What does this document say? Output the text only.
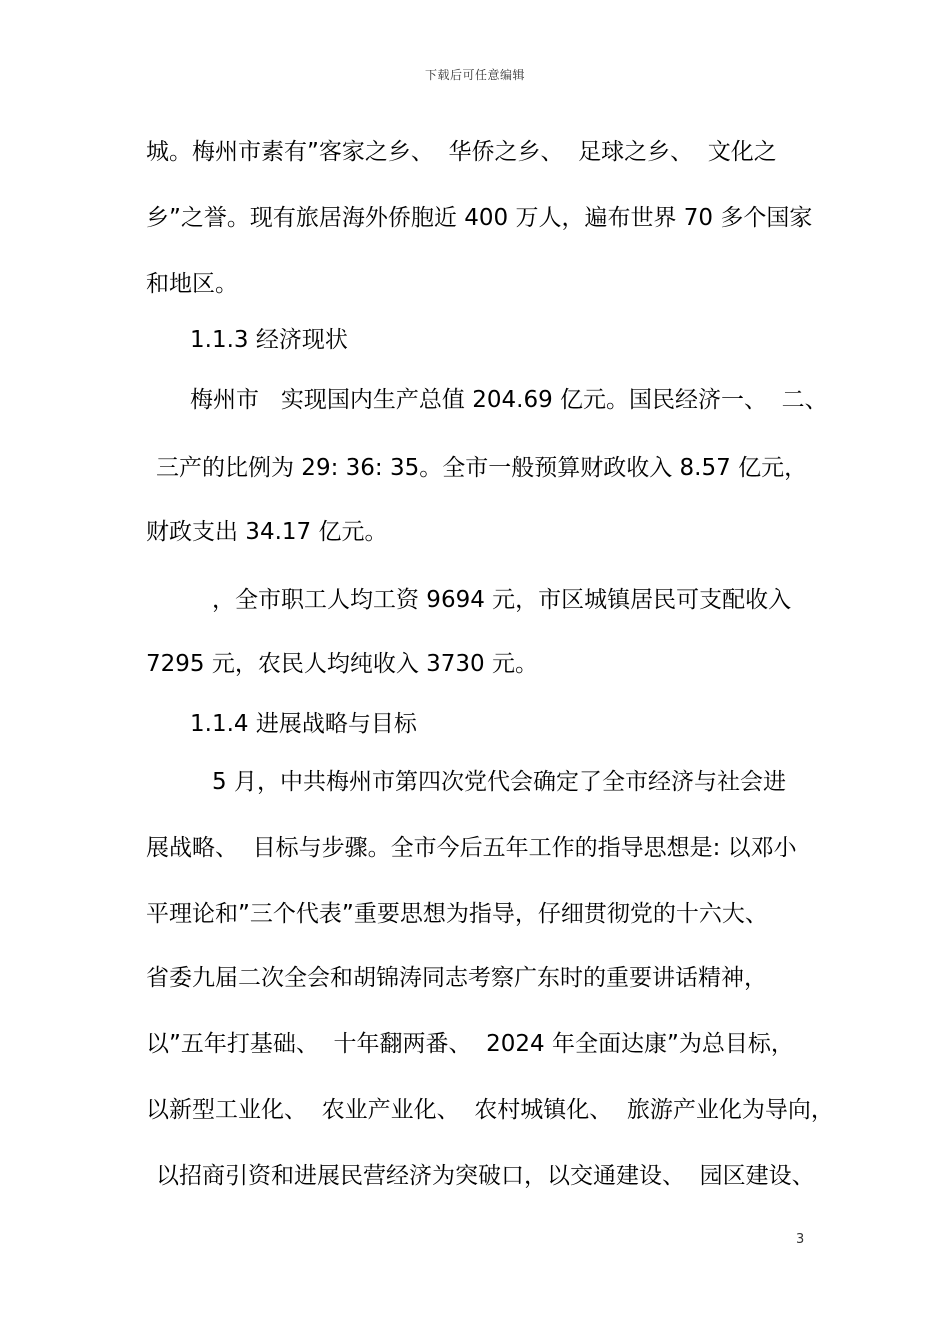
下载后可任意编辑
城。梅州市素有”客家之乡、  华侨之乡、  足球之乡、  文化之
乡”之誉。现有旅居海外侨胞近 400 万人，遍布世界 70 多个国家
和地区。
1.1.3 经济现状
梅州市   实现国内生产总值 204.69 亿元。国民经济一、  二、
三产的比例为 29: 36: 35。全市一般预算财政收入 8.57 亿元，
财政支出 34.17 亿元。
，全市职工人均工资 9694 元，市区城镇居民可支配收入
7295 元，农民人均纯收入 3730 元。
1.1.4 进展战略与目标
5 月，中共梅州市第四次党代会确定了全市经济与社会进
展战略、  目标与步骤。全市今后五年工作的指导思想是: 以邓小
平理论和”三个代表”重要思想为指导，仔细贯彻党的十六大、
省委九届二次全会和胡锦涛同志考察广东时的重要讲话精神，
以”五年打基础、  十年翻两番、  2024 年全面达康”为总目标，
以新型工业化、  农业产业化、  农村城镇化、  旅游产业化为导向，
以招商引资和进展民营经济为突破口，以交通建设、  园区建设、
3
